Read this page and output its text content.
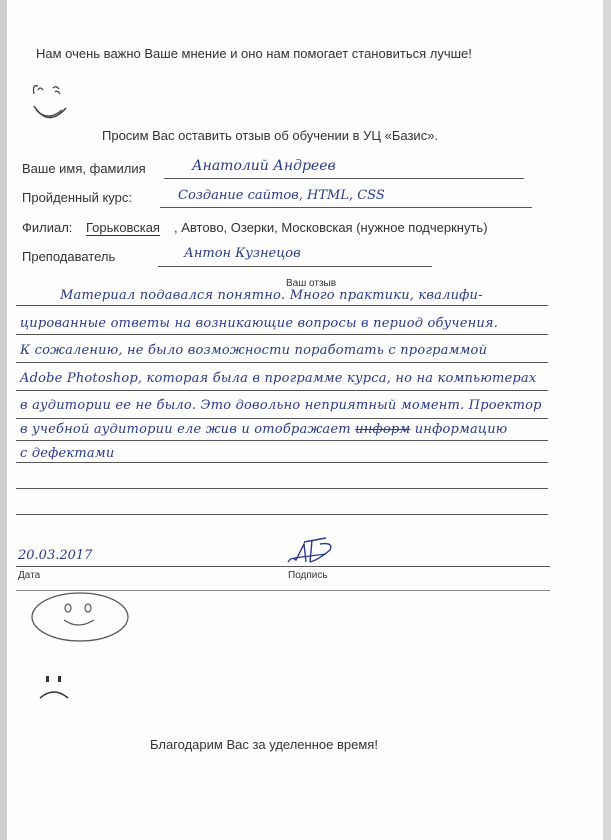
Нам очень важно Ваше мнение и оно нам помогает становиться лучше!
Просим Вас оставить отзыв об обучении в УЦ «Базис».
Ваше имя, фамилия	Анатолий Андреев
Пройденный курс:	Создание сайтов, HTML, CSS
Филиал: Горьковская , Автово, Озерки, Московская (нужное подчеркнуть)
Преподаватель	Антон Кузнецов
Ваш отзыв
Материал подавался понятно. Много практики, квалифи-
цированные ответы на возникающие вопросы в период обучения.
К сожалению, не было возможности поработать с программой
Adobe Photoshop, которая была в программе курса, но на компьютерах
в аудитории ее не было. Это довольно неприятный момент. Проектор
в учебной аудитории еле жив и отображает информ информацию
с дефектами
20.03.2017
Дата	Подпись
Благодарим Вас за уделенное время!
